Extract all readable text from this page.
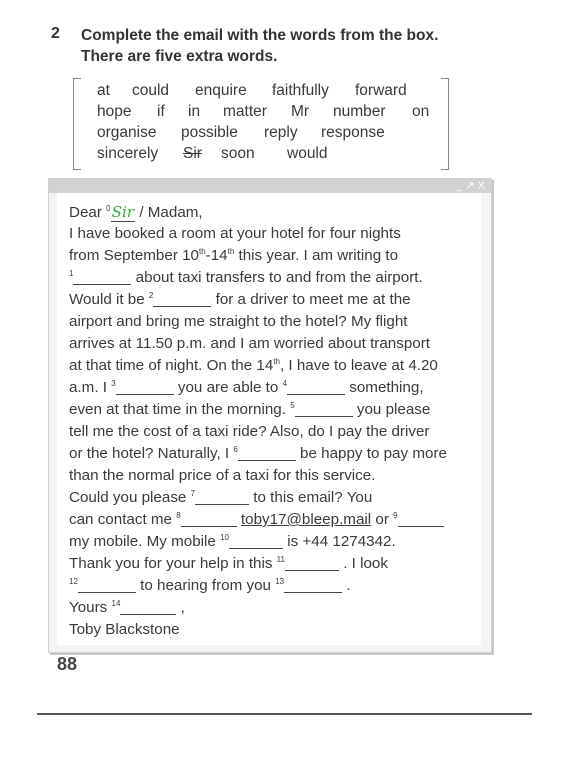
2 Complete the email with the words from the box.
There are five extra words.
at could enquire faithfully forward
hope if in matter Mr number on
organise possible reply response
sincerely Sir soon would
_ ↗ X
Dear $^0$Sir / Madam,
I have booked a room at your hotel for four nights
from September 10th-14th this year. I am writing to
$^1$	about taxi transfers to and from the airport.
Would it be $^2$	for a driver to meet me at the
airport and bring me straight to the hotel? My flight
arrives at 11.50 p.m. and I am worried about transport
at that time of night. On the 14th, I have to leave at 4.20
a.m. I $^3$	you are able to $^4$	something,
even at that time in the morning. $^5$	you please
tell me the cost of a taxi ride? Also, do I pay the driver
or the hotel? Naturally, I $^6$	be happy to pay more
than the normal price of a taxi for this service.
Could you please $^7$	to this email? You
can contact me $^8$	toby17@bleep.mail or $^9$
my mobile. My mobile $^{10}$	is +44 1274342.
Thank you for your help in this $^{11}$	. I look
$^{12}$	to hearing from you $^{13}$	.
Yours $^{14}$	,
Toby Blackstone
88
